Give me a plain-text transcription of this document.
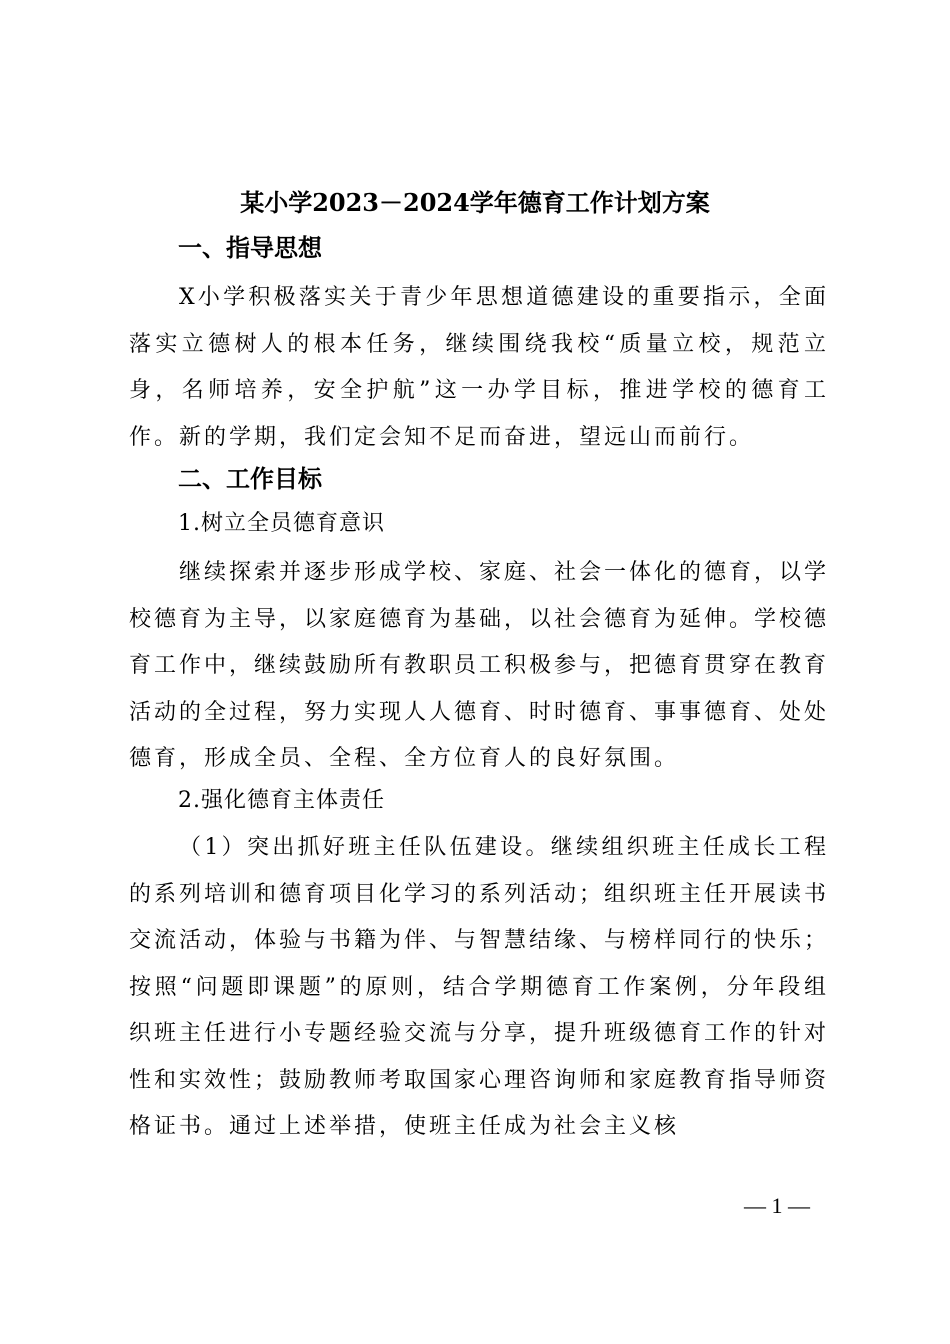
某小学2023－2024学年德育工作计划方案
一、指导思想
X小学积极落实关于青少年思想道德建设的重要指示，全面落实立德树人的根本任务，继续围绕我校“质量立校，规范立身，名师培养，安全护航”这一办学目标，推进学校的德育工作。新的学期，我们定会知不足而奋进，望远山而前行。
二、工作目标
1.树立全员德育意识
继续探索并逐步形成学校、家庭、社会一体化的德育，以学校德育为主导，以家庭德育为基础，以社会德育为延伸。学校德育工作中，继续鼓励所有教职员工积极参与，把德育贯穿在教育活动的全过程，努力实现人人德育、时时德育、事事德育、处处德育，形成全员、全程、全方位育人的良好氛围。
2.强化德育主体责任
（1）突出抓好班主任队伍建设。继续组织班主任成长工程的系列培训和德育项目化学习的系列活动；组织班主任开展读书交流活动，体验与书籍为伴、与智慧结缘、与榜样同行的快乐；按照“问题即课题”的原则，结合学期德育工作案例，分年段组织班主任进行小专题经验交流与分享，提升班级德育工作的针对性和实效性；鼓励教师考取国家心理咨询师和家庭教育指导师资格证书。通过上述举措，使班主任成为社会主义核
— 1 —
